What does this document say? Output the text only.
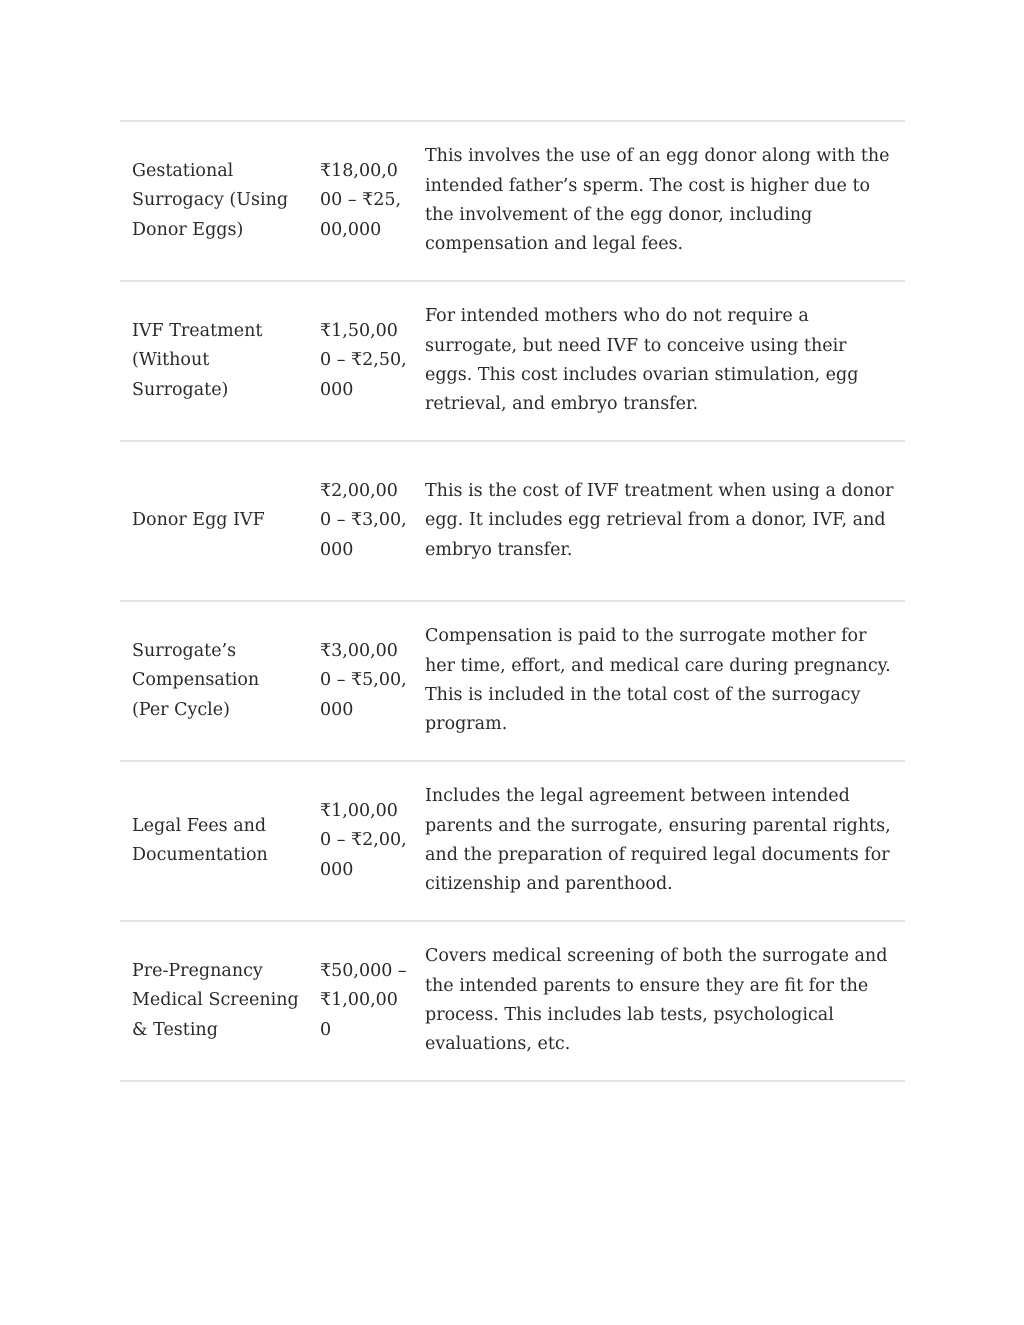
Gestational Surrogacy (Using Donor Eggs)
₹18,00,000 – ₹25,00,000
This involves the use of an egg donor along with the intended father’s sperm. The cost is higher due to the involvement of the egg donor, including compensation and legal fees.
IVF Treatment (Without Surrogate)
₹1,50,000 – ₹2,50,000
For intended mothers who do not require a surrogate, but need IVF to conceive using their eggs. This cost includes ovarian stimulation, egg retrieval, and embryo transfer.
Donor Egg IVF
₹2,00,000 – ₹3,00,000
This is the cost of IVF treatment when using a donor egg. It includes egg retrieval from a donor, IVF, and embryo transfer.
Surrogate’s Compensation (Per Cycle)
₹3,00,000 – ₹5,00,000
Compensation is paid to the surrogate mother for her time, effort, and medical care during pregnancy. This is included in the total cost of the surrogacy program.
Legal Fees and Documentation
₹1,00,000 – ₹2,00,000
Includes the legal agreement between intended parents and the surrogate, ensuring parental rights, and the preparation of required legal documents for citizenship and parenthood.
Pre-Pregnancy Medical Screening & Testing
₹50,000 – ₹1,00,000
Covers medical screening of both the surrogate and the intended parents to ensure they are fit for the process. This includes lab tests, psychological evaluations, etc.
